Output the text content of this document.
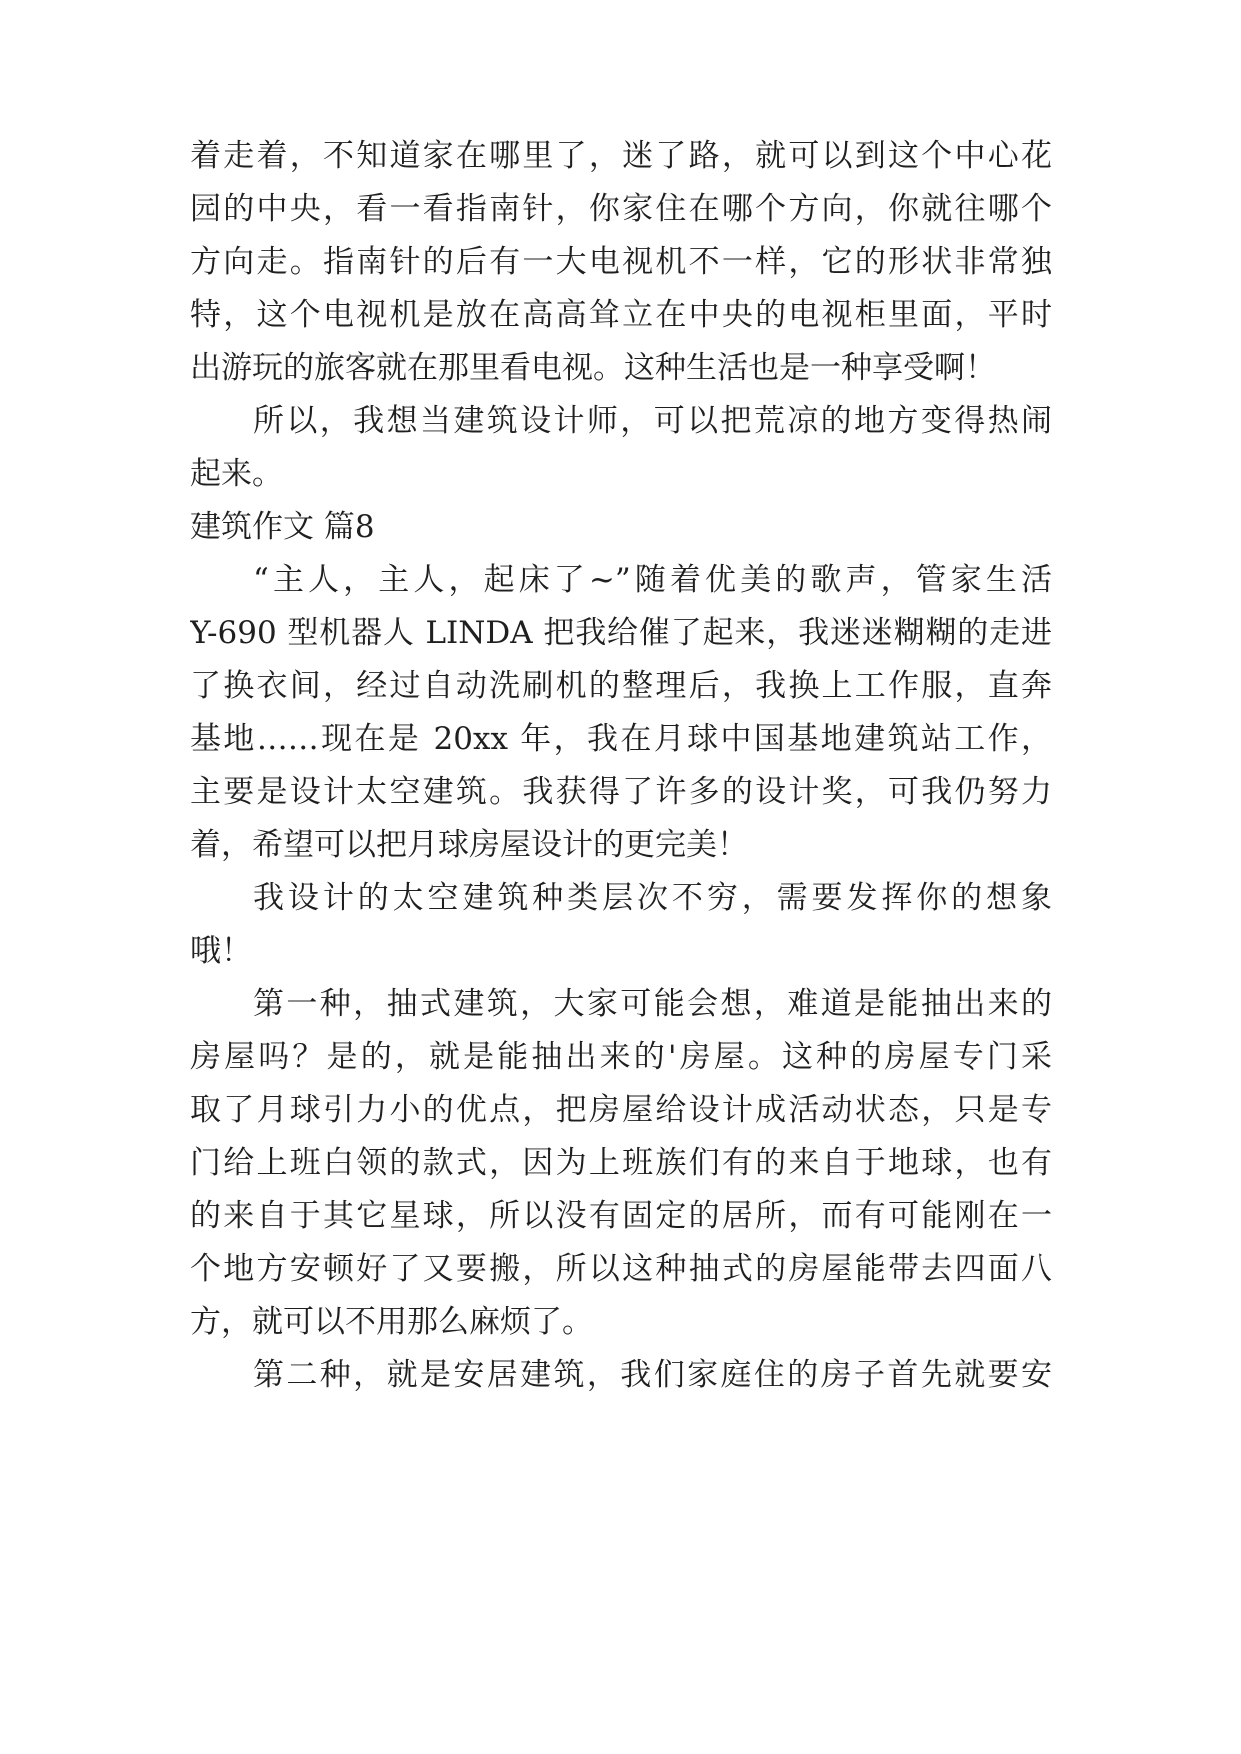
着走着，不知道家在哪里了，迷了路，就可以到这个中心花
园的中央，看一看指南针，你家住在哪个方向，你就往哪个
方向走。指南针的后有一大电视机不一样，它的形状非常独
特，这个电视机是放在高高耸立在中央的电视柜里面，平时
出游玩的旅客就在那里看电视。这种生活也是一种享受啊！
所以，我想当建筑设计师，可以把荒凉的地方变得热闹
起来。
建筑作文 篇8
“主人，主人，起床了~”随着优美的歌声，管家生活
Y-690 型机器人 LINDA 把我给催了起来，我迷迷糊糊的走进
了换衣间，经过自动洗刷机的整理后，我换上工作服，直奔
基地……现在是 20xx 年，我在月球中国基地建筑站工作，
主要是设计太空建筑。我获得了许多的设计奖，可我仍努力
着，希望可以把月球房屋设计的更完美！
我设计的太空建筑种类层次不穷，需要发挥你的想象
哦！
第一种，抽式建筑，大家可能会想，难道是能抽出来的
房屋吗？是的，就是能抽出来的'房屋。这种的房屋专门采
取了月球引力小的优点，把房屋给设计成活动状态，只是专
门给上班白领的款式，因为上班族们有的来自于地球，也有
的来自于其它星球，所以没有固定的居所，而有可能刚在一
个地方安顿好了又要搬，所以这种抽式的房屋能带去四面八
方，就可以不用那么麻烦了。
第二种，就是安居建筑，我们家庭住的房子首先就要安
